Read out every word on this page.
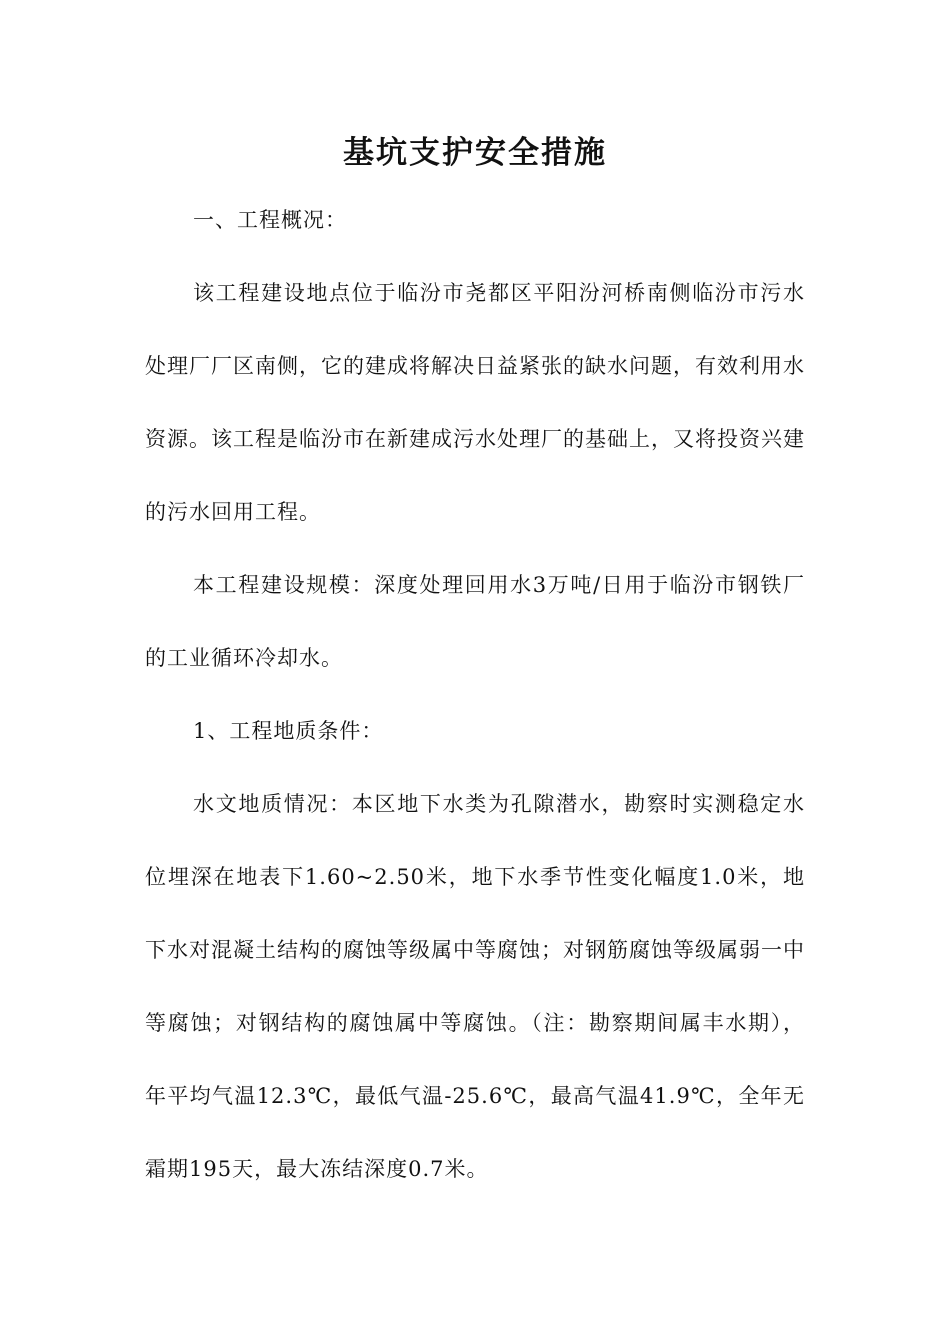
基坑支护安全措施

一、工程概况：

该工程建设地点位于临汾市尧都区平阳汾河桥南侧临汾市污水处理厂厂区南侧，它的建成将解决日益紧张的缺水问题，有效利用水资源。该工程是临汾市在新建成污水处理厂的基础上，又将投资兴建的污水回用工程。

本工程建设规模：深度处理回用水3万吨/日用于临汾市钢铁厂的工业循环冷却水。

1、工程地质条件：

水文地质情况：本区地下水类为孔隙潜水，勘察时实测稳定水位埋深在地表下1.60~2.50米，地下水季节性变化幅度1.0米，地下水对混凝土结构的腐蚀等级属中等腐蚀；对钢筋腐蚀等级属弱一中等腐蚀；对钢结构的腐蚀属中等腐蚀。（注：勘察期间属丰水期），年平均气温12.3℃，最低气温-25.6℃，最高气温41.9℃，全年无霜期195天，最大冻结深度0.7米。
